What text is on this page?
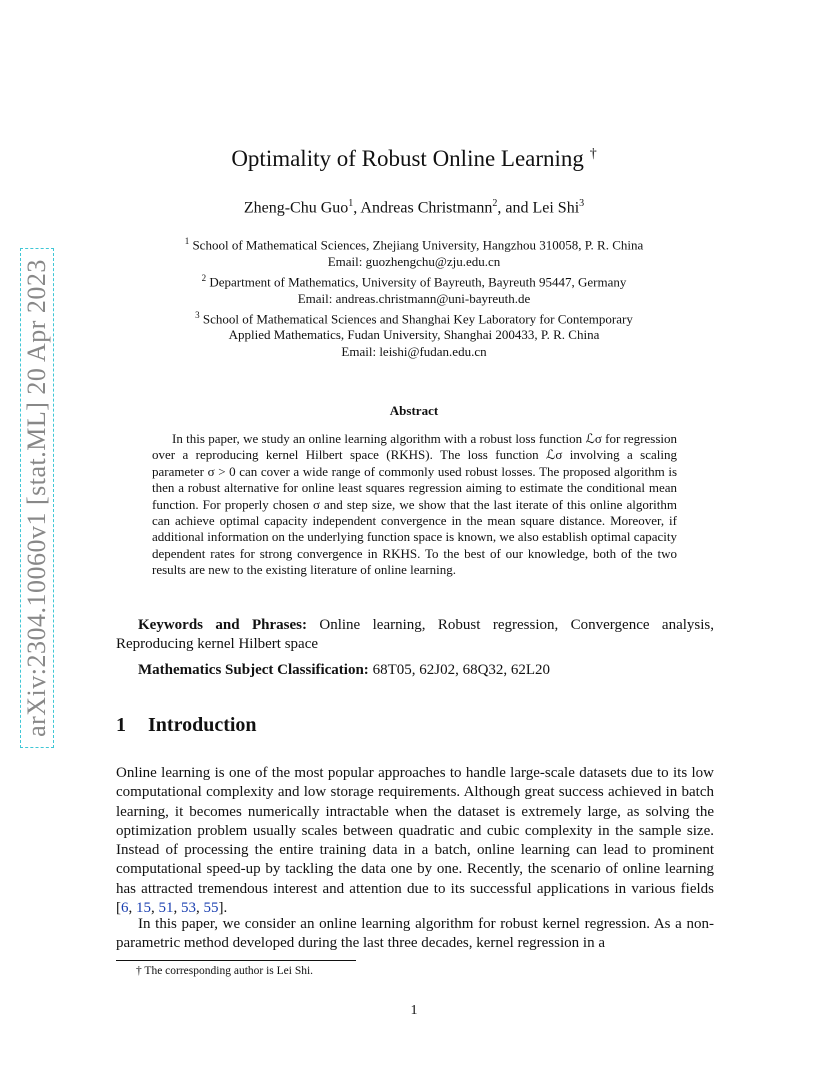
arXiv:2304.10060v1 [stat.ML] 20 Apr 2023
Optimality of Robust Online Learning †
Zheng-Chu Guo$^1$, Andreas Christmann$^2$, and Lei Shi$^3$
$^1$ School of Mathematical Sciences, Zhejiang University, Hangzhou 310058, P. R. China
Email: guozhengchu@zju.edu.cn
$^2$ Department of Mathematics, University of Bayreuth, Bayreuth 95447, Germany
Email: andreas.christmann@uni-bayreuth.de
$^3$ School of Mathematical Sciences and Shanghai Key Laboratory for Contemporary
Applied Mathematics, Fudan University, Shanghai 200433, P. R. China
Email: leishi@fudan.edu.cn
Abstract
In this paper, we study an online learning algorithm with a robust loss function ℒσ for regression over a reproducing kernel Hilbert space (RKHS). The loss function ℒσ involving a scaling parameter σ > 0 can cover a wide range of commonly used robust losses. The proposed algorithm is then a robust alternative for online least squares regression aiming to estimate the conditional mean function. For properly chosen σ and step size, we show that the last iterate of this online algorithm can achieve optimal capacity independent convergence in the mean square distance. Moreover, if additional information on the underlying function space is known, we also establish optimal capacity dependent rates for strong convergence in RKHS. To the best of our knowledge, both of the two results are new to the existing literature of online learning.
Keywords and Phrases: Online learning, Robust regression, Convergence analysis, Reproducing kernel Hilbert space
Mathematics Subject Classification: 68T05, 62J02, 68Q32, 62L20
1 Introduction
Online learning is one of the most popular approaches to handle large-scale datasets due to its low computational complexity and low storage requirements. Although great success achieved in batch learning, it becomes numerically intractable when the dataset is extremely large, as solving the optimization problem usually scales between quadratic and cubic complexity in the sample size. Instead of processing the entire training data in a batch, online learning can lead to prominent computational speed-up by tackling the data one by one. Recently, the scenario of online learning has attracted tremendous interest and attention due to its successful applications in various fields [6, 15, 51, 53, 55].
In this paper, we consider an online learning algorithm for robust kernel regression. As a non-parametric method developed during the last three decades, kernel regression in a
† The corresponding author is Lei Shi.
1
